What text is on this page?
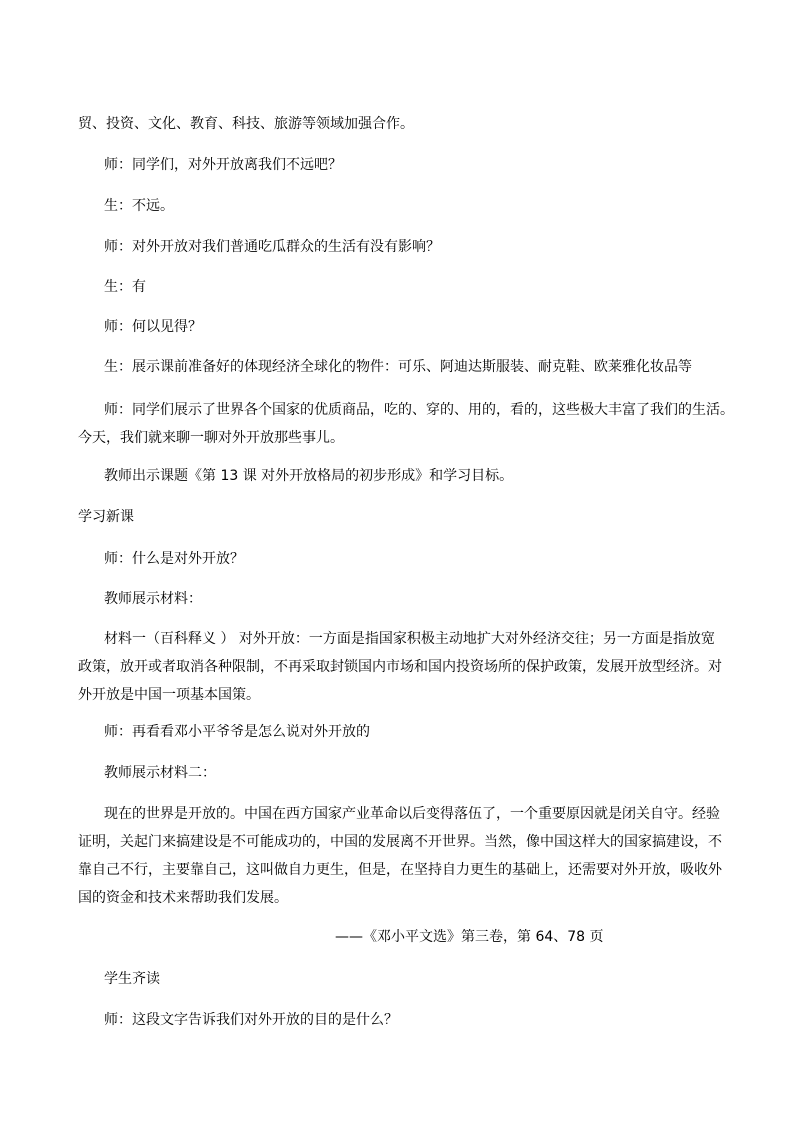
贸、投资、文化、教育、科技、旅游等领域加强合作。
师：同学们，对外开放离我们不远吧？
生：不远。
师：对外开放对我们普通吃瓜群众的生活有没有影响？
生：有
师：何以见得？
生：展示课前准备好的体现经济全球化的物件：可乐、阿迪达斯服装、耐克鞋、欧莱雅化妆品等
师：同学们展示了世界各个国家的优质商品，吃的、穿的、用的，看的，这些极大丰富了我们的生活。
今天，我们就来聊一聊对外开放那些事儿。
教师出示课题《第 13 课 对外开放格局的初步形成》和学习目标。
学习新课
师：什么是对外开放？
教师展示材料：
材料一（百科释义 ） 对外开放：一方面是指国家积极主动地扩大对外经济交往；另一方面是指放宽
政策，放开或者取消各种限制，不再采取封锁国内市场和国内投资场所的保护政策，发展开放型经济。对
外开放是中国一项基本国策。
师：再看看邓小平爷爷是怎么说对外开放的
教师展示材料二：
现在的世界是开放的。中国在西方国家产业革命以后变得落伍了，一个重要原因就是闭关自守。经验
证明，关起门来搞建设是不可能成功的，中国的发展离不开世界。当然，像中国这样大的国家搞建设，不
靠自己不行，主要靠自己，这叫做自力更生，但是，在坚持自力更生的基础上，还需要对外开放，吸收外
国的资金和技术来帮助我们发展。
——《邓小平文选》第三卷，第 64、78 页
学生齐读
师：这段文字告诉我们对外开放的目的是什么？
